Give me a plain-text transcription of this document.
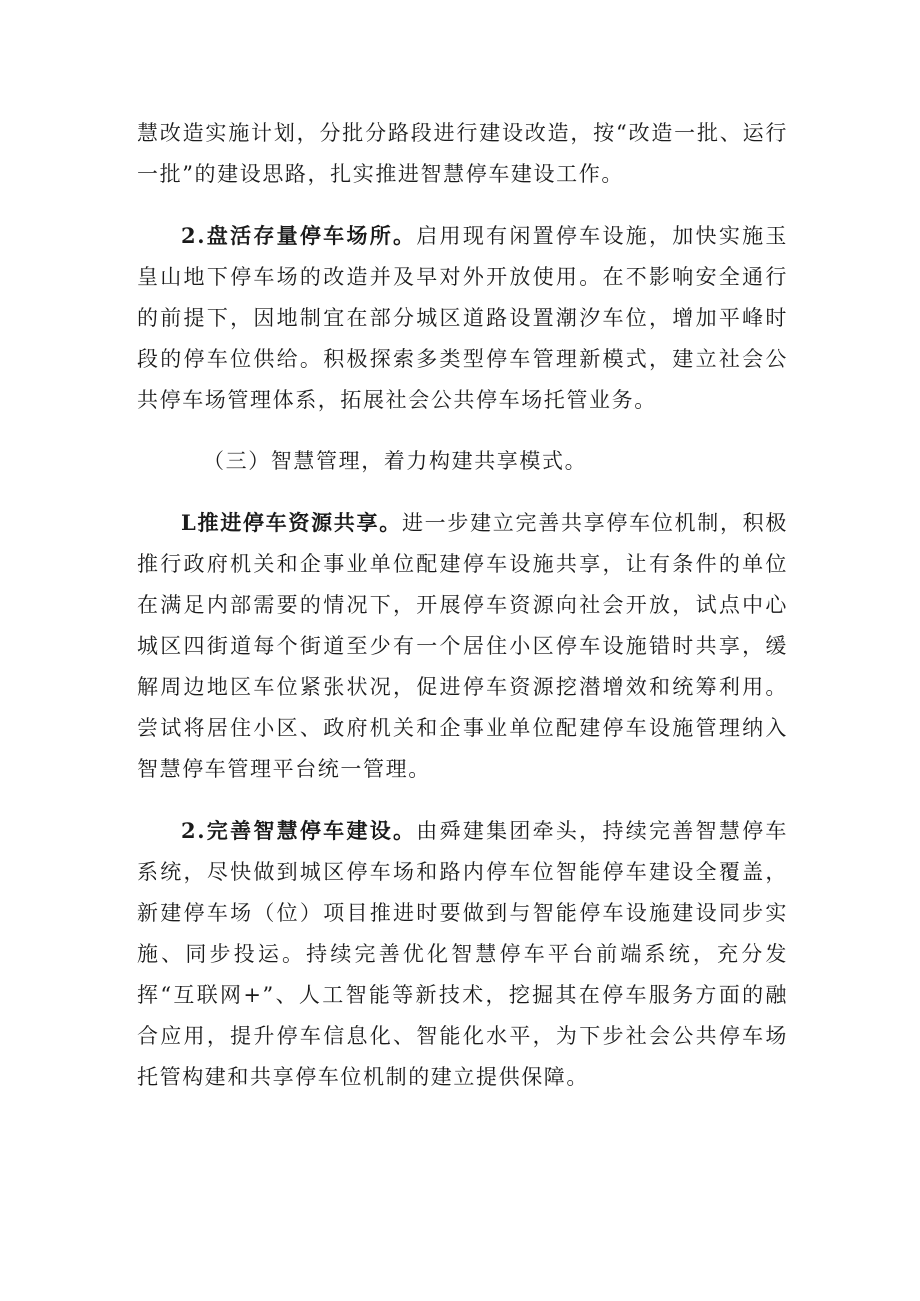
慧改造实施计划，分批分路段进行建设改造，按“改造一批、运行一批”的建设思路，扎实推进智慧停车建设工作。

2.盘活存量停车场所。启用现有闲置停车设施，加快实施玉皇山地下停车场的改造并及早对外开放使用。在不影响安全通行的前提下，因地制宜在部分城区道路设置潮汐车位，增加平峰时段的停车位供给。积极探索多类型停车管理新模式，建立社会公共停车场管理体系，拓展社会公共停车场托管业务。

（三）智慧管理，着力构建共享模式。

L推进停车资源共享。进一步建立完善共享停车位机制，积极推行政府机关和企事业单位配建停车设施共享，让有条件的单位在满足内部需要的情况下，开展停车资源向社会开放，试点中心城区四街道每个街道至少有一个居住小区停车设施错时共享，缓解周边地区车位紧张状况，促进停车资源挖潜增效和统筹利用。尝试将居住小区、政府机关和企事业单位配建停车设施管理纳入智慧停车管理平台统一管理。

2.完善智慧停车建设。由舜建集团牵头，持续完善智慧停车系统，尽快做到城区停车场和路内停车位智能停车建设全覆盖，新建停车场（位）项目推进时要做到与智能停车设施建设同步实施、同步投运。持续完善优化智慧停车平台前端系统，充分发挥“互联网+”、人工智能等新技术，挖掘其在停车服务方面的融合应用，提升停车信息化、智能化水平，为下步社会公共停车场托管构建和共享停车位机制的建立提供保障。
